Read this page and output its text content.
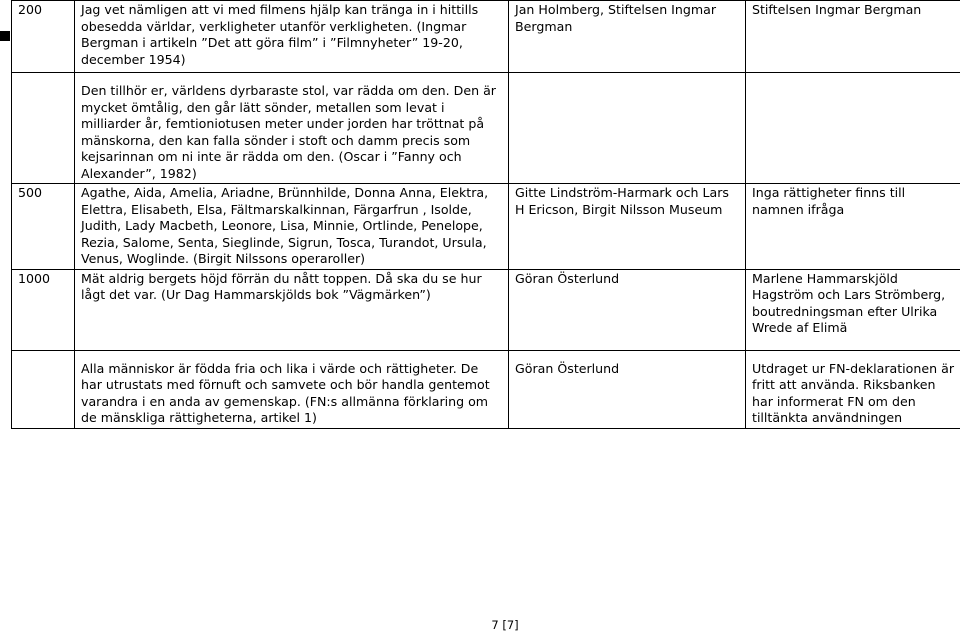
200	Jag vet nämligen att vi med filmens hjälp kan tränga in i hittills obesedda världar, verkligheter utanför verkligheten. (Ingmar Bergman i artikeln ”Det att göra film” i ”Filmnyheter” 19-20, december 1954)	Jan Holmberg, Stiftelsen Ingmar Bergman	Stiftelsen Ingmar Bergman

	Den tillhör er, världens dyrbaraste stol, var rädda om den. Den är mycket ömtålig, den går lätt sönder, metallen som levat i milliarder år, femtioniotusen meter under jorden har tröttnat på mänskorna, den kan falla sönder i stoft och damm precis som kejsarinnan om ni inte är rädda om den. (Oscar i ”Fanny och Alexander”, 1982)		

500	Agathe, Aida, Amelia, Ariadne, Brünnhilde, Donna Anna, Elektra, Elettra, Elisabeth, Elsa, Fältmarskalkinnan, Färgarfrun , Isolde, Judith, Lady Macbeth, Leonore, Lisa, Minnie, Ortlinde, Penelope, Rezia, Salome, Senta, Sieglinde, Sigrun, Tosca, Turandot, Ursula, Venus, Woglinde. (Birgit Nilssons operaroller)	Gitte Lindström-Harmark och Lars H Ericson, Birgit Nilsson Museum	Inga rättigheter finns till namnen ifråga
1000	Mät aldrig bergets höjd förrän du nått toppen. Då ska du se hur lågt det var. (Ur Dag Hammarskjölds bok ”Vägmärken”)	Göran Österlund	Marlene Hammarskjöld Hagström och Lars Strömberg, boutredningsman efter Ulrika Wrede af Elimä

	Alla människor är födda fria och lika i värde och rättigheter. De har utrustats med förnuft och samvete och bör handla gentemot varandra i en anda av gemenskap. (FN:s allmänna förklaring om de mänskliga rättigheterna, artikel 1)	Göran Österlund	Utdraget ur FN-deklarationen är fritt att använda. Riksbanken har informerat FN om den tilltänkta användningen
7 [7]
